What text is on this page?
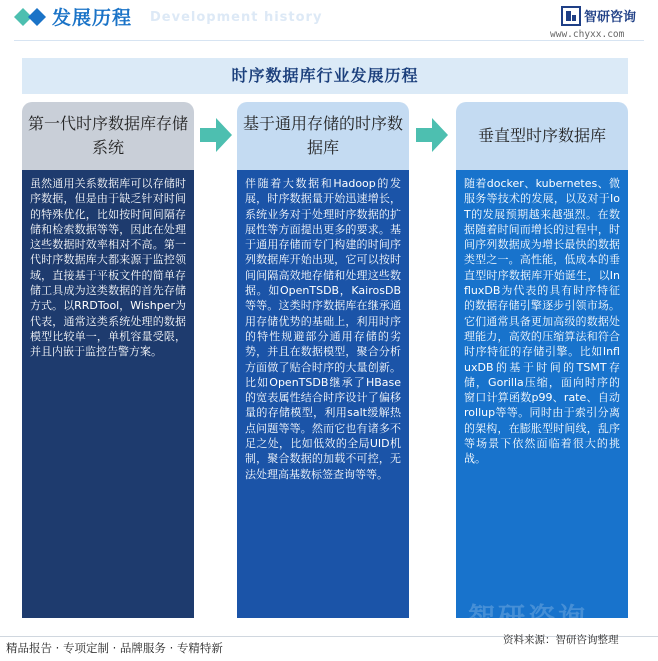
Development history
发展历程	智研咨询
www.chyxx.com
时序数据库行业发展历程
第一代时序数据库存储系统
基于通用存储的时序数据库
垂直型时序数据库
虽然通用关系数据库可以存储时序数据，但是由于缺乏针对时间的特殊优化，比如按时间间隔存储和检索数据等等，因此在处理这些数据时效率相对不高。第一代时序数据库大都来源于监控领域，直接基于平板文件的简单存储工具成为这类数据的首先存储方式。以RRDTool，Wishper为代表，通常这类系统处理的数据模型比较单一，单机容量受限，并且内嵌于监控告警方案。
伴随着大数据和Hadoop的发展，时序数据量开始迅速增长，系统业务对于处理时序数据的扩展性等方面提出更多的要求。基于通用存储而专门构建的时间序列数据库开始出现，它可以按时间间隔高效地存储和处理这些数据。如OpenTSDB，KairosDB等等。这类时序数据库在继承通用存储优势的基础上，利用时序的特性规避部分通用存储的劣势，并且在数据模型，聚合分析方面做了贴合时序的大量创新。比如OpenTSDB继承了HBase的宽表属性结合时序设计了偏移量的存储模型，利用salt缓解热点问题等等。然而它也有诸多不足之处，比如低效的全局UID机制，聚合数据的加载不可控，无法处理高基数标签查询等等。
随着docker、kubernetes、微服务等技术的发展，以及对于IoT的发展预期越来越强烈。在数据随着时间而增长的过程中，时间序列数据成为增长最快的数据类型之一。高性能，低成本的垂直型时序数据库开始诞生，以InfluxDB为代表的具有时序特征的数据存储引擎逐步引领市场。它们通常具备更加高级的数据处理能力，高效的压缩算法和符合时序特征的存储引擎。比如InfluxDB的基于时间的TSMT存储，Gorilla压缩，面向时序的窗口计算函数p99、rate、自动rollup等等。同时由于索引分离的架构，在膨胀型时间线，乱序等场景下依然面临着很大的挑战。
智研咨询
精品报告 · 专项定制 · 品牌服务 · 专精特新
资料来源：智研咨询整理
